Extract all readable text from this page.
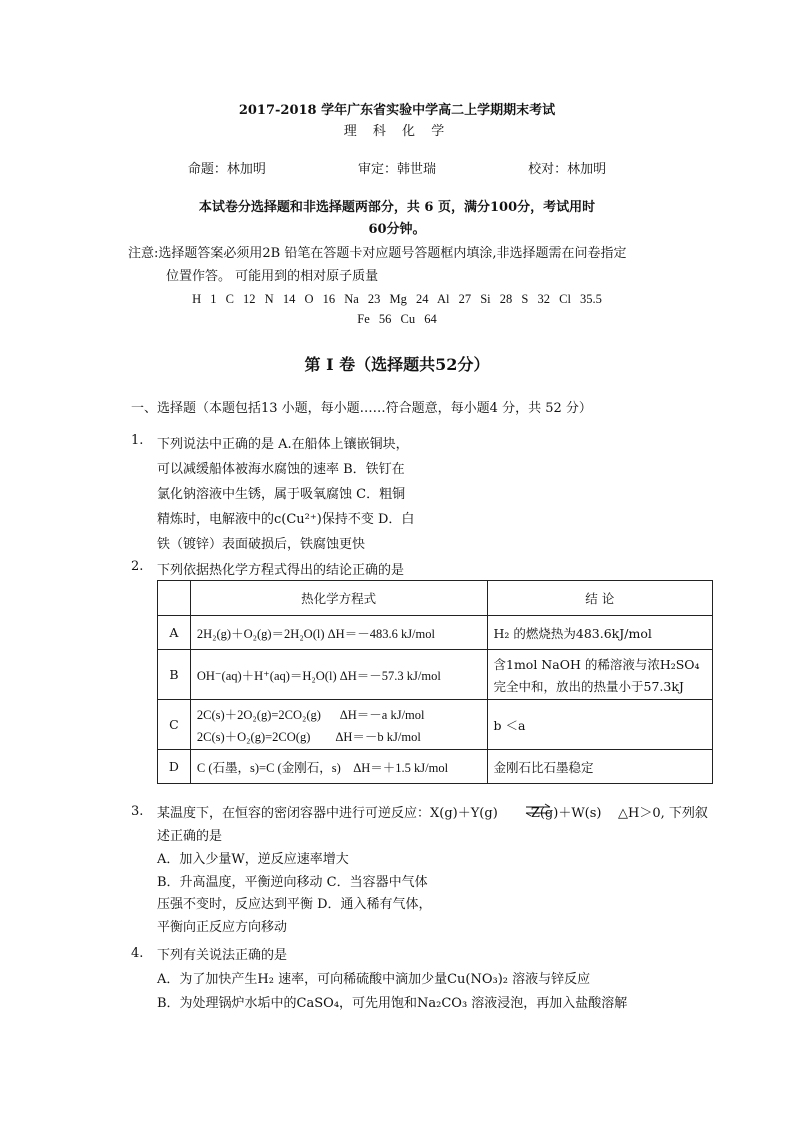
2017-2018 学年广东省实验中学高二上学期期末考试
理 科 化 学
命题：林加明	审定：韩世瑞	校对：林加明
本试卷分选择题和非选择题两部分，共 6 页，满分100分，考试用时
60分钟。
注意:选择题答案必须用2B 铅笔在答题卡对应题号答题框内填涂,非选择题需在问卷指定
位置作答。 可能用到的相对原子质量
H 1 C 12 N 14 O 16 Na 23 Mg 24 Al 27 Si 28 S 32 Cl 35.5
Fe 56 Cu 64
第 Ⅰ 卷（选择题共52分）
一、选择题（本题包括13 小题，每小题……符合题意，每小题4 分，共 52 分）
1. 下列说法中正确的是 A.在船体上镶嵌铜块，
可以减缓船体被海水腐蚀的速率 B．铁钉在
氯化钠溶液中生锈，属于吸氧腐蚀 C．粗铜
精炼时，电解液中的c(Cu²⁺)保持不变 D．白
铁（镀锌）表面破损后，铁腐蚀更快
2. 下列依据热化学方程式得出的结论正确的是
	热化学方程式	结 论
A	2H₂(g)＋O₂(g)＝2H₂O(l) ΔH＝－483.6 kJ/mol	H₂ 的燃烧热为483.6kJ/mol
B	OH⁻(aq)＋H⁺(aq)＝H₂O(l) ΔH＝－57.3 kJ/mol	含1mol NaOH 的稀溶液与浓H₂SO₄
完全中和，放出的热量小于57.3kJ

C	2C(s)＋2O₂(g)=2CO₂(g)      ΔH＝－a kJ/mol
2C(s)＋O₂(g)=2CO(g)        ΔH＝－b kJ/mol	b ＜a
D	C (石墨，s)=C (金刚石，s)    ΔH＝＋1.5 kJ/mol	金刚石比石墨稳定
3. 某温度下，在恒容的密闭容器中进行可逆反应：X(g)＋Y(g)        Z(g)＋W(s)    △H＞0, 下列叙
述正确的是
A．加入少量W，逆反应速率增大
B．升高温度，平衡逆向移动 C．当容器中气体
压强不变时，反应达到平衡 D．通入稀有气体，
平衡向正反应方向移动
4. 下列有关说法正确的是
A．为了加快产生H₂ 速率，可向稀硫酸中滴加少量Cu(NO₃)₂ 溶液与锌反应
B．为处理锅炉水垢中的CaSO₄，可先用饱和Na₂CO₃ 溶液浸泡，再加入盐酸溶解
